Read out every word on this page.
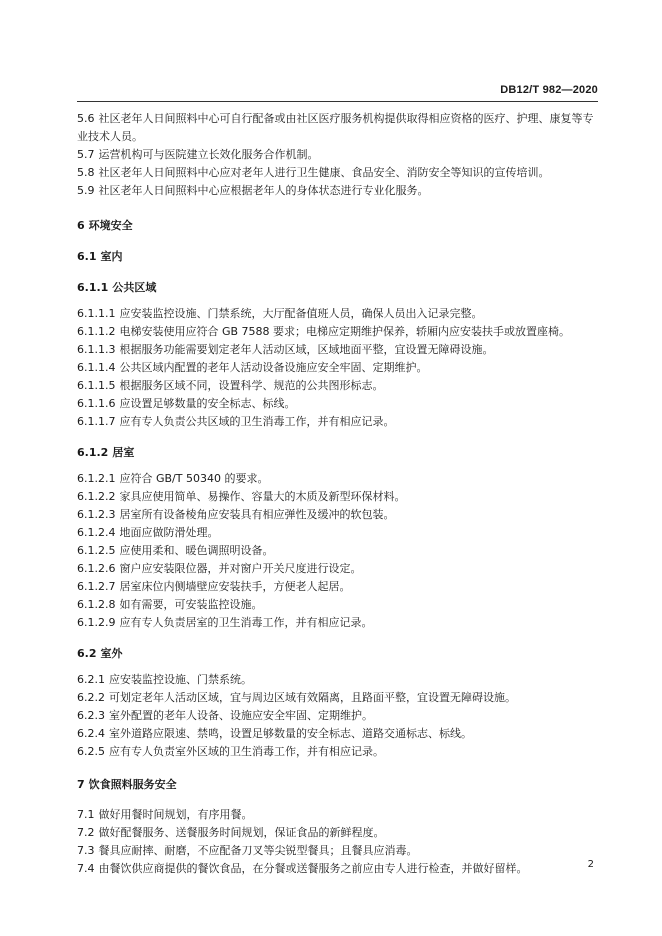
DB12/T 982—2020

5.6 社区老年人日间照料中心可自行配备或由社区医疗服务机构提供取得相应资格的医疗、护理、康复等专业技术人员。

5.7 运营机构可与医院建立长效化服务合作机制。

5.8 社区老年人日间照料中心应对老年人进行卫生健康、食品安全、消防安全等知识的宣传培训。

5.9 社区老年人日间照料中心应根据老年人的身体状态进行专业化服务。

6 环境安全

6.1 室内

6.1.1 公共区域

6.1.1.1 应安装监控设施、门禁系统，大厅配备值班人员，确保人员出入记录完整。

6.1.1.2 电梯安装使用应符合 GB 7588 要求；电梯应定期维护保养，轿厢内应安装扶手或放置座椅。

6.1.1.3 根据服务功能需要划定老年人活动区域，区域地面平整，宜设置无障碍设施。

6.1.1.4 公共区域内配置的老年人活动设备设施应安全牢固、定期维护。

6.1.1.5 根据服务区域不同，设置科学、规范的公共图形标志。

6.1.1.6 应设置足够数量的安全标志、标线。

6.1.1.7 应有专人负责公共区域的卫生消毒工作，并有相应记录。

6.1.2 居室

6.1.2.1 应符合 GB/T 50340 的要求。

6.1.2.2 家具应使用简单、易操作、容量大的木质及新型环保材料。

6.1.2.3 居室所有设备棱角应安装具有相应弹性及缓冲的软包装。

6.1.2.4 地面应做防滑处理。

6.1.2.5 应使用柔和、暖色调照明设备。

6.1.2.6 窗户应安装限位器，并对窗户开关尺度进行设定。

6.1.2.7 居室床位内侧墙壁应安装扶手，方便老人起居。

6.1.2.8 如有需要，可安装监控设施。

6.1.2.9 应有专人负责居室的卫生消毒工作，并有相应记录。

6.2 室外

6.2.1 应安装监控设施、门禁系统。

6.2.2 可划定老年人活动区域，宜与周边区域有效隔离，且路面平整，宜设置无障碍设施。

6.2.3 室外配置的老年人设备、设施应安全牢固、定期维护。

6.2.4 室外道路应限速、禁鸣，设置足够数量的安全标志、道路交通标志、标线。

6.2.5 应有专人负责室外区域的卫生消毒工作，并有相应记录。

7 饮食照料服务安全

7.1 做好用餐时间规划，有序用餐。

7.2 做好配餐服务、送餐服务时间规划，保证食品的新鲜程度。

7.3 餐具应耐摔、耐磨，不应配备刀叉等尖锐型餐具；且餐具应消毒。

7.4 由餐饮供应商提供的餐饮食品，在分餐或送餐服务之前应由专人进行检查，并做好留样。	2
